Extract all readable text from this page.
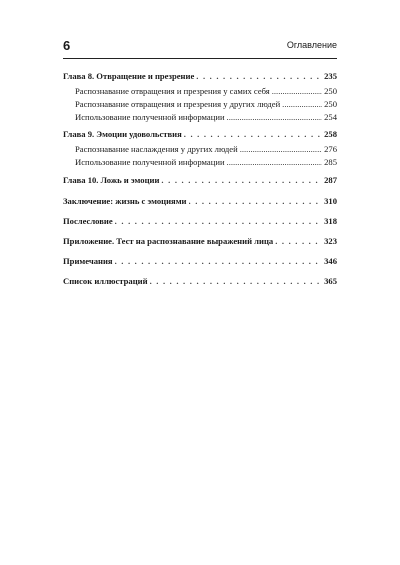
6	Оглавление
Глава 8. Отвращение и презрение . . .	235
Распознавание отвращения и презрения у самих себя .....	250
Распознавание отвращения и презрения у других людей .....	250
Использование полученной информации .....	254
Глава 9. Эмоции удовольствия . . .	258
Распознавание наслаждения у других людей .....	276
Использование полученной информации .....	285
Глава 10. Ложь и эмоции . . .	287
Заключение: жизнь с эмоциями . . .	310
Послесловие . . .	318
Приложение. Тест на распознавание выражений лица . . .	323
Примечания . . .	346
Список иллюстраций . . .	365
